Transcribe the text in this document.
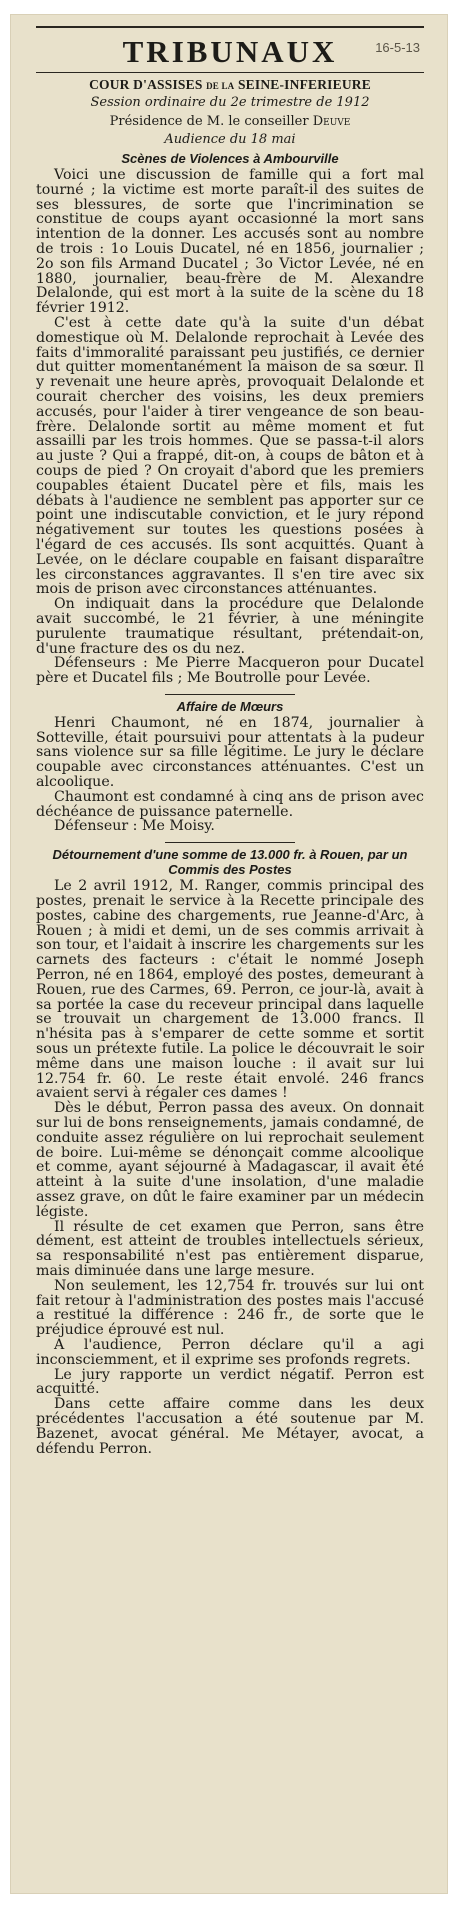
TRIBUNAUX	16-5-13
COUR D'ASSISES DE LA SEINE-INFERIEURE
Session ordinaire du 2e trimestre de 1912
Présidence de M. le conseiller Deuve
Audience du 18 mai
Scènes de Violences à Ambourville

Voici une discussion de famille qui a fort mal tourné ; la victime est morte paraît-il des suites de ses blessures, de sorte que l'incrimination se constitue de coups ayant occasionné la mort sans intention de la donner. Les accusés sont au nombre de trois : 1o Louis Ducatel, né en 1856, journalier ; 2o son fils Armand Ducatel ; 3o Victor Levée, né en 1880, journalier, beau-frère de M. Alexandre Delalonde, qui est mort à la suite de la scène du 18 février 1912.

C'est à cette date qu'à la suite d'un débat domestique où M. Delalonde reprochait à Levée des faits d'immoralité paraissant peu justifiés, ce dernier dut quitter momentanément la maison de sa sœur. Il y revenait une heure après, provoquait Delalonde et courait chercher des voisins, les deux premiers accusés, pour l'aider à tirer vengeance de son beau-frère. Delalonde sortit au même moment et fut assailli par les trois hommes. Que se passa-t-il alors au juste ? Qui a frappé, dit-on, à coups de bâton et à coups de pied ? On croyait d'abord que les premiers coupables étaient Ducatel père et fils, mais les débats à l'audience ne semblent pas apporter sur ce point une indiscutable conviction, et le jury répond négativement sur toutes les questions posées à l'égard de ces accusés. Ils sont acquittés. Quant à Levée, on le déclare coupable en faisant disparaître les circonstances aggravantes. Il s'en tire avec six mois de prison avec circonstances atténuantes.

On indiquait dans la procédure que Delalonde avait succombé, le 21 février, à une méningite purulente traumatique résultant, prétendait-on, d'une fracture des os du nez.

Défenseurs : Me Pierre Macqueron pour Ducatel père et Ducatel fils ; Me Boutrolle pour Levée.

Affaire de Mœurs

Henri Chaumont, né en 1874, journalier à Sotteville, était poursuivi pour attentats à la pudeur sans violence sur sa fille légitime. Le jury le déclare coupable avec circonstances atténuantes. C'est un alcoolique.

Chaumont est condamné à cinq ans de prison avec déchéance de puissance paternelle.

Défenseur : Me Moisy.

Détournement d'une somme de 13.000 fr. à Rouen, par un Commis des Postes

Le 2 avril 1912, M. Ranger, commis principal des postes, prenait le service à la Recette principale des postes, cabine des chargements, rue Jeanne-d'Arc, à Rouen ; à midi et demi, un de ses commis arrivait à son tour, et l'aidait à inscrire les chargements sur les carnets des facteurs : c'était le nommé Joseph Perron, né en 1864, employé des postes, demeurant à Rouen, rue des Carmes, 69. Perron, ce jour-là, avait à sa portée la case du receveur principal dans laquelle se trouvait un chargement de 13.000 francs. Il n'hésita pas à s'emparer de cette somme et sortit sous un prétexte futile. La police le découvrait le soir même dans une maison louche : il avait sur lui 12.754 fr. 60. Le reste était envolé. 246 francs avaient servi à régaler ces dames !

Dès le début, Perron passa des aveux. On donnait sur lui de bons renseignements, jamais condamné, de conduite assez régulière on lui reprochait seulement de boire. Lui-même se dénonçait comme alcoolique et comme, ayant séjourné à Madagascar, il avait été atteint à la suite d'une insolation, d'une maladie assez grave, on dût le faire examiner par un médecin légiste.

Il résulte de cet examen que Perron, sans être dément, est atteint de troubles intellectuels sérieux, sa responsabilité n'est pas entièrement disparue, mais diminuée dans une large mesure.

Non seulement, les 12,754 fr. trouvés sur lui ont fait retour à l'administration des postes mais l'accusé a restitué la différence : 246 fr., de sorte que le préjudice éprouvé est nul.

A l'audience, Perron déclare qu'il a agi inconsciemment, et il exprime ses profonds regrets.

Le jury rapporte un verdict négatif. Perron est acquitté.

Dans cette affaire comme dans les deux précédentes l'accusation a été soutenue par M. Bazenet, avocat général. Me Métayer, avocat, a défendu Perron.
